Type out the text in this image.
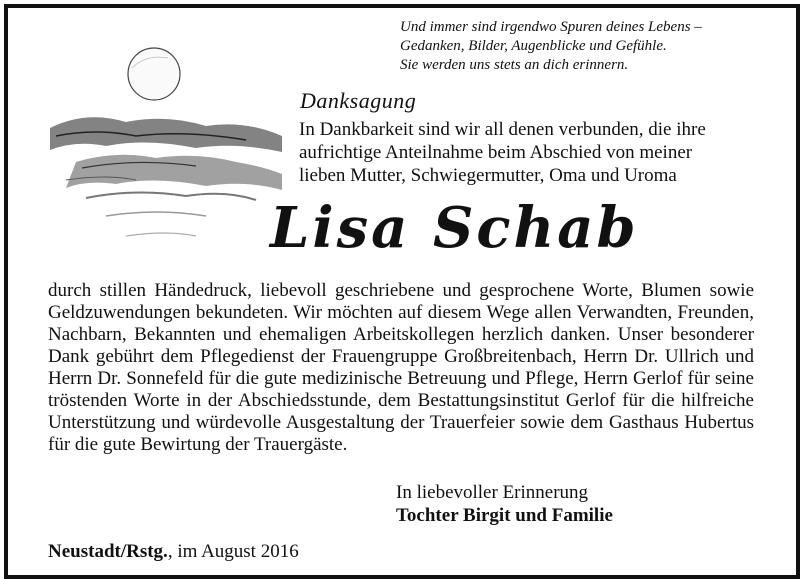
Und immer sind irgendwo Spuren deines Lebens –
Gedanken, Bilder, Augenblicke und Gefühle.
Sie werden uns stets an dich erinnern.
Danksagung
In Dankbarkeit sind wir all denen verbunden, die ihre
aufrichtige Anteilnahme beim Abschied von meiner
lieben Mutter, Schwiegermutter, Oma und Uroma
Lisa Schab
durch stillen Händedruck, liebevoll geschriebene und gesprochene Worte, Blumen sowie Geldzuwendungen bekundeten. Wir möchten auf diesem Wege allen Verwandten, Freunden, Nachbarn, Bekannten und ehemaligen Arbeitskollegen herzlich danken. Unser besonderer Dank gebührt dem Pflegedienst der Frauengruppe Großbreitenbach, Herrn Dr. Ullrich und Herrn Dr. Sonnefeld für die gute medizinische Betreuung und Pflege, Herrn Gerlof für seine tröstenden Worte in der Abschiedsstunde, dem Bestattungsinstitut Gerlof für die hilfreiche Unterstützung und würdevolle Ausgestaltung der Trauerfeier sowie dem Gasthaus Hubertus für die gute Bewirtung der Trauergäste.
In liebevoller Erinnerung
Tochter Birgit und Familie
Neustadt/Rstg., im August 2016
